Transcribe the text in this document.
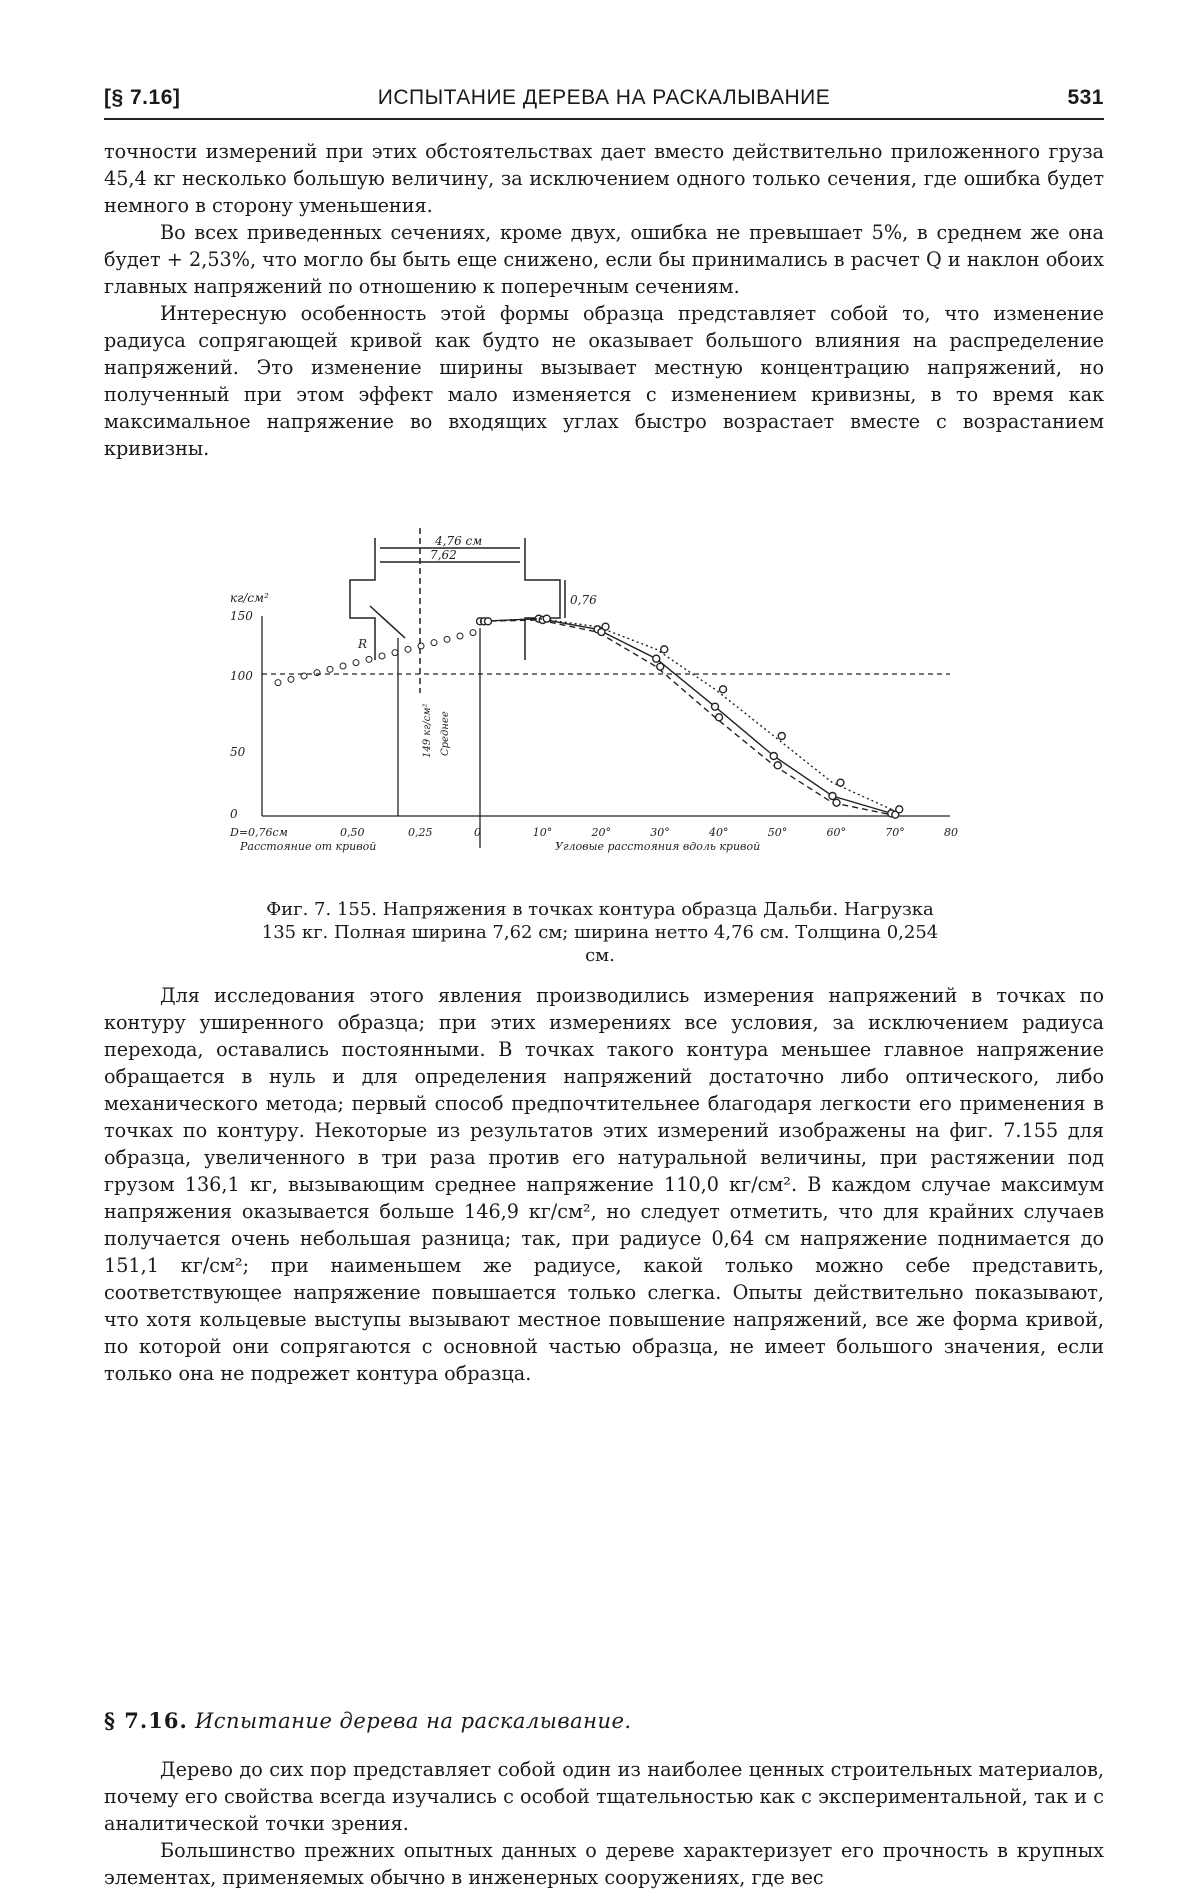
[§ 7.16]	ИСПЫТАНИЕ ДЕРЕВА НА РАСКАЛЫВАНИЕ	531

точности измерений при этих обстоятельствах дает вместо действительно приложенного груза 45,4 кг несколько большую величину, за исключением одного только сечения, где ошибка будет немного в сторону уменьшения.

Во всех приведенных сечениях, кроме двух, ошибка не превышает 5%, в среднем же она будет + 2,53%, что могло бы быть еще снижено, если бы принимались в расчет Q и наклон обоих главных напряжений по отношению к поперечным сечениям.

Интересную особенность этой формы образца представляет собой то, что изменение радиуса сопрягающей кривой как будто не оказывает большого влияния на распределение напряжений. Это изменение ширины вызывает местную концентрацию напряжений, но полученный при этом эффект мало изменяется с изменением кривизны, в то время как максимальное напряжение во входящих углах быстро возрастает вместе с возрастанием кривизны.

4,76 см
7,62
0,76
R
кг/см²
150
100
50
0
D=0,76см	0,50	0,25
Расстояние от кривой
0	10°	20°	30°	40°	50°	60°	70°	80
Угловые расстояния вдоль кривой
149 кг/см² Среднее
Фиг. 7. 155. Напряжения в точках контура образца Дальби. Нагрузка 135 кг. Полная ширина 7,62 см; ширина нетто 4,76 см. Толщина 0,254 см.

Для исследования этого явления производились измерения напряжений в точках по контуру уширенного образца; при этих измерениях все условия, за исключением радиуса перехода, оставались постоянными. В точках такого контура меньшее главное напряжение обращается в нуль и для определения напряжений достаточно либо оптического, либо механического метода; первый способ предпочтительнее благодаря легкости его применения в точках по контуру. Некоторые из результатов этих измерений изображены на фиг. 7.155 для образца, увеличенного в три раза против его натуральной величины, при растяжении под грузом 136,1 кг, вызывающим среднее напряжение 110,0 кг/см². В каждом случае максимум напряжения оказывается больше 146,9 кг/см², но следует отметить, что для крайних случаев получается очень небольшая разница; так, при радиусе 0,64 см напряжение поднимается до 151,1 кг/см²; при наименьшем же радиусе, какой только можно себе представить, соответствующее напряжение повышается только слегка. Опыты действительно показывают, что хотя кольцевые выступы вызывают местное повышение напряжений, все же форма кривой, по которой они сопрягаются с основной частью образца, не имеет большого значения, если только она не подрежет контура образца.

§ 7.16. Испытание дерева на раскалывание.

Дерево до сих пор представляет собой один из наиболее ценных строительных материалов, почему его свойства всегда изучались с особой тщательностью как с экспериментальной, так и с аналитической точки зрения.

Большинство прежних опытных данных о дереве характеризует его прочность в крупных элементах, применяемых обычно в инженерных сооружениях, где вес
